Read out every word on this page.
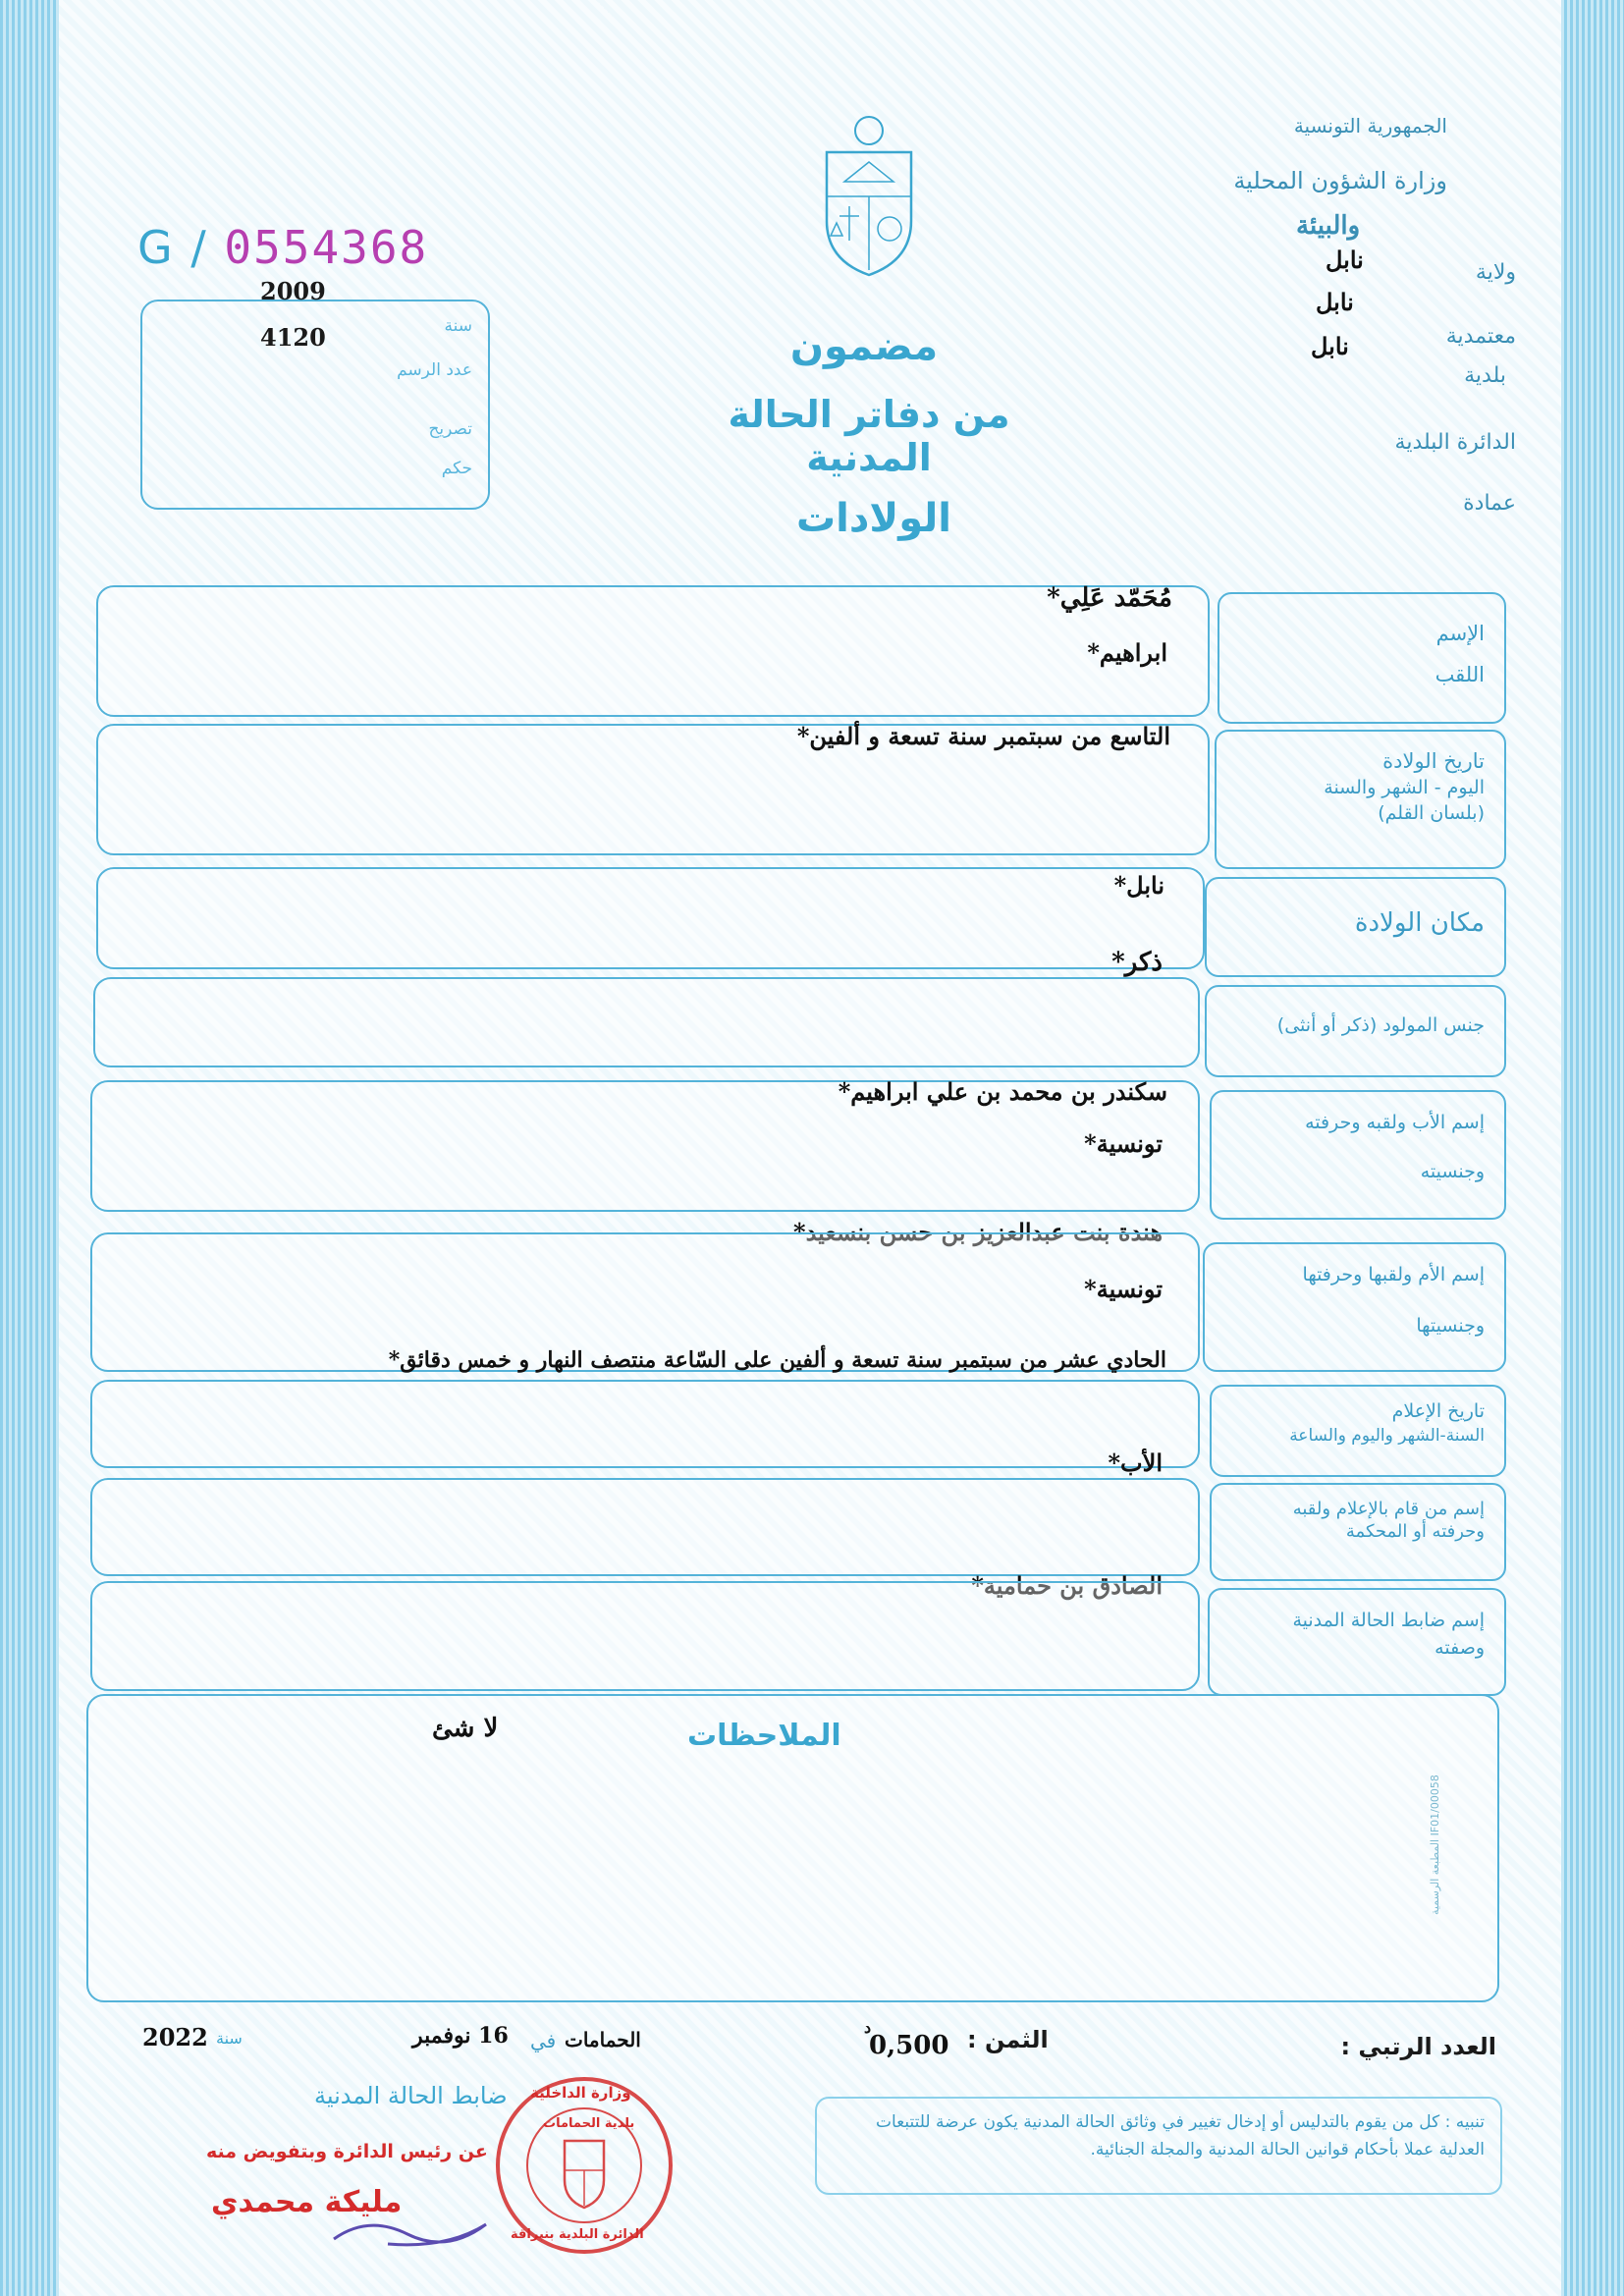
الجمهورية التونسية
وزارة الشؤون المحلية
والبيئة
ولاية
نابل
نابل
معتمدية
نابل
بلدية
الدائرة البلدية
عمادة
G / 0554368
سنة
2009
عدد الرسم
4120
تصريح
حكم
مضمون
من دفاتر الحالة المدنية
الولادات
الإسم
اللقب
مُحَمّد عَلِي*
ابراهيم*
تاريخ الولادة
اليوم - الشهر والسنة
(بلسان القلم)
التاسع من سبتمبر سنة تسعة و ألفين*
مكان الولادة
نابل*
ذكر*
جنس المولود (ذكر أو أنثى)
إسم الأب ولقبه وحرفته
وجنسيته
سكندر بن محمد بن علي ابراهيم*
تونسية*
هندة بنت عبدالعزيز بن حسن بنسعيد*
إسم الأم ولقبها وحرفتها
وجنسيتها
تونسية*
الحادي عشر من سبتمبر سنة تسعة و ألفين على السّاعة منتصف النهار و خمس دقائق*
تاريخ الإعلام
السنة-الشهر واليوم والساعة
الأب*
إسم من قام بالإعلام ولقبه
وحرفته أو المحكمة
الصادق بن حمامية*
إسم ضابط الحالة المدنية
وصفته
الملاحظات
لا شئ
المطبعة الرسمية IF01/00058
العدد الرتبي :
الثمن :
0,500
د
الحمامات
في
16 نوفمبر
سنة
2022
ضابط الحالة المدنية
عن رئيس الدائرة وبتفويض منه
مليكة محمدي
وزارة الداخلية
بلدية الحمامات
الدائرة البلدية بنبراقة
تنبيه : كل من يقوم بالتدليس أو إدخال تغيير في وثائق الحالة المدنية يكون عرضة للتتبعات العدلية عملا بأحكام قوانين الحالة المدنية والمجلة الجنائية.
